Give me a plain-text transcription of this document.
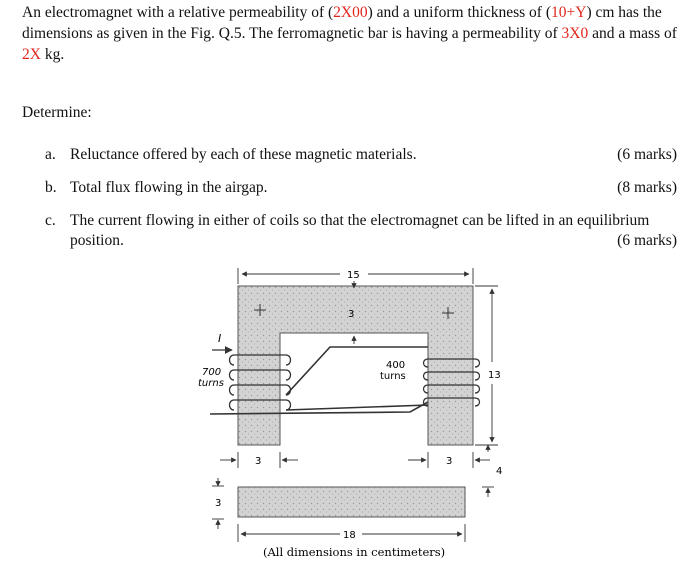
An electromagnet with a relative permeability of (2X00) and a uniform thickness of (10+Y) cm has the dimensions as given in the Fig. Q.5. The ferromagnetic bar is having a permeability of 3X0 and a mass of 2X kg.
Determine:
a. Reluctance offered by each of these magnetic materials.	(6 marks)
b. Total flux flowing in the airgap.	(8 marks)
c. The current flowing in either of coils so that the electromagnet can be lifted in an equilibrium position.	(6 marks)
I
700
turns
400
turns
15
3
13
3	3
4
3
18
(All dimensions in centimeters)
